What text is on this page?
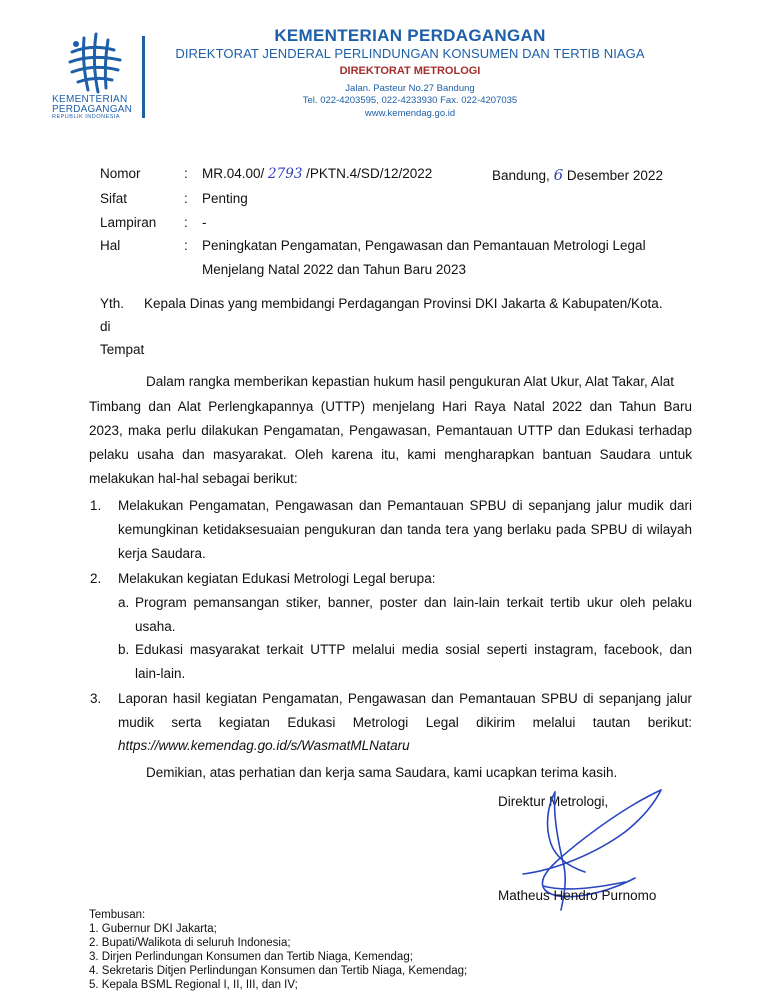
KEMENTERIAN
PERDAGANGAN
REPUBLIK INDONESIA
KEMENTERIAN PERDAGANGAN
DIREKTORAT JENDERAL PERLINDUNGAN KONSUMEN DAN TERTIB NIAGA
DIREKTORAT METROLOGI
Jalan. Pasteur No.27 Bandung
Tel. 022-4203595, 022-4233930 Fax. 022-4207035
www.kemendag.go.id
Nomor	: MR.04.00/ 2793 /PKTN.4/SD/12/2022	Bandung, 6 Desember 2022
Sifat	: Penting
Lampiran : -
Hal	: Peningkatan Pengamatan, Pengawasan dan Pemantauan Metrologi Legal
Menjelang Natal 2022 dan Tahun Baru 2023
Yth. Kepala Dinas yang membidangi Perdagangan Provinsi DKI Jakarta & Kabupaten/Kota.
di
Tempat
Dalam rangka memberikan kepastian hukum hasil pengukuran Alat Ukur, Alat Takar, Alat
Timbang dan Alat Perlengkapannya (UTTP) menjelang Hari Raya Natal 2022 dan Tahun Baru
2023, maka perlu dilakukan Pengamatan, Pengawasan, Pemantauan UTTP dan Edukasi terhadap
pelaku usaha dan masyarakat. Oleh karena itu, kami mengharapkan bantuan Saudara untuk
melakukan hal-hal sebagai berikut:
1. Melakukan Pengamatan, Pengawasan dan Pemantauan SPBU di sepanjang jalur mudik dari
kemungkinan ketidaksesuaian pengukuran dan tanda tera yang berlaku pada SPBU di wilayah
kerja Saudara.
2. Melakukan kegiatan Edukasi Metrologi Legal berupa:
a. Program pemansangan stiker, banner, poster dan lain-lain terkait tertib ukur oleh pelaku
usaha.
b. Edukasi masyarakat terkait UTTP melalui media sosial seperti instagram, facebook, dan
lain-lain.
3. Laporan hasil kegiatan Pengamatan, Pengawasan dan Pemantauan SPBU di sepanjang jalur
mudik serta kegiatan Edukasi Metrologi Legal dikirim melalui tautan berikut:
https://www.kemendag.go.id/s/WasmatMLNataru
Demikian, atas perhatian dan kerja sama Saudara, kami ucapkan terima kasih.
Direktur Metrologi,
Matheus Hendro Purnomo
Tembusan:
1. Gubernur DKI Jakarta;
2. Bupati/Walikota di seluruh Indonesia;
3. Dirjen Perlindungan Konsumen dan Tertib Niaga, Kemendag;
4. Sekretaris Ditjen Perlindungan Konsumen dan Tertib Niaga, Kemendag;
5. Kepala BSML Regional I, II, III, dan IV;
